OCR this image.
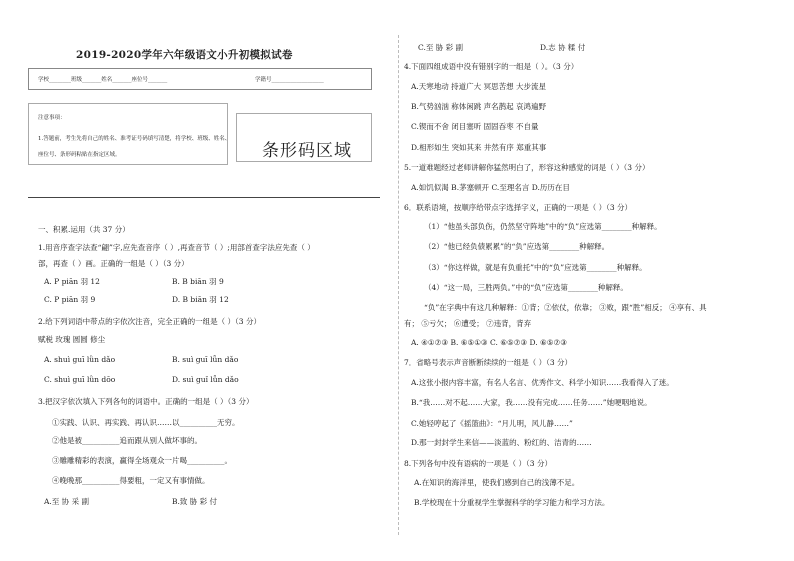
2019-2020学年六年级语文小升初模拟试卷
学校________班级_______姓名_______座位号_______	学籍号___________________
注意事项：
1.答题前，考生先将自己的姓名、准考证号码填写清楚，将学校、班级、姓名、
座位号、条形码粘贴在指定区域。	条形码区域
一、积累.运用（共 37 分）
1.用音序查字法查“翩”字,应先查音序（ ）,再查音节（ ）;用部首查字法应先查（ ）
部，再查（ ）画。正确的一组是（ ）（3 分）
A. P piān 羽 12	B. B biān 羽 9
C. P piān 羽 9	D. B biān 羽 12
2.给下列词语中带点的字依次注音，完全正确的一组是（ ）（3 分）
赋税 玫瑰 圆圆 修尘
A. shuì guī lǜn dǎo	B. suì guī lǚn dǎo
C. shuì guī lǜn dōo	D. suì guǐ lǚn dǎo
3.把汉字依次填入下列各句的词语中。正确的一组是（ ）（3 分）
①实践、认识、再实践、再认识……以__________无穷。
②他是被__________追而跟从别人做坏事的。
③雕雕精彩的表演，赢得全场观众一片喝__________。
④晚晚那__________得要粗，一定又有事情做。
A.至 协 采 副	B.致 胁 彩 付
C.至 胁 彩 副	D.志 协 糅 付
4.下面四组成语中没有错别字的一组是（ ）。（3 分）
A.天寒地动 持道广大 冥思苦想 大步流星
B.气势汹汹 称体闲跳 声名鹊起 哀鸿遍野
C.锲而不舍 闭目塞听 固固吞枣 不自量
D.相形如生 突如其来 井然有序 郑重其事
5.一道难题经过老师讲解你猛然明白了，形容这种感觉的词是（ ）（3 分）
A.如饥似渴 B.茅塞顿开 C.至理名言 D.历历在目
6．联系语境，按顺序给带点字选择字义，正确的一项是（ ）（3 分）
（1）“他虽头部负伤，仍然坚守阵地”中的“负”应选第________种解释。
（2）“他已经负债累累”的“负”应选第________种解释。
（3）“你这样做，就是有负重托”中的“负”应选第________种解释。
（4）“这一局，三胜两负。”中的“负”应选第________种解释。
“负”在字典中有这几种解释：①背；②依仗，依靠； ③败，跟“胜”相反； ④享有、具
有； ⑤亏欠； ⑥遭受； ⑦违背，背弃
A. ④①⑦③ B. ⑥⑤①③ C. ⑥⑤⑦③ D. ⑥⑤⑦③
7．省略号表示声音断断续续的一组是（ ）（3 分）
A.这张小报内容丰富，有名人名言、优秀作文、科学小知识……我看得入了迷。
B.“我……对不起……大家，我……没有完成……任务……”她哽咽地说。
C.她轻哼起了《摇篮曲》：“月儿明，风儿静……”
D.那一封封学生来信——淡蓝的、粉红的、洁青的……
8.下列各句中没有语病的一项是（ ）（3 分）
A.在知识的海洋里，使我们感到自己的浅薄不足。
B.学校现在十分重视学生掌握科学的学习能力和学习方法。
